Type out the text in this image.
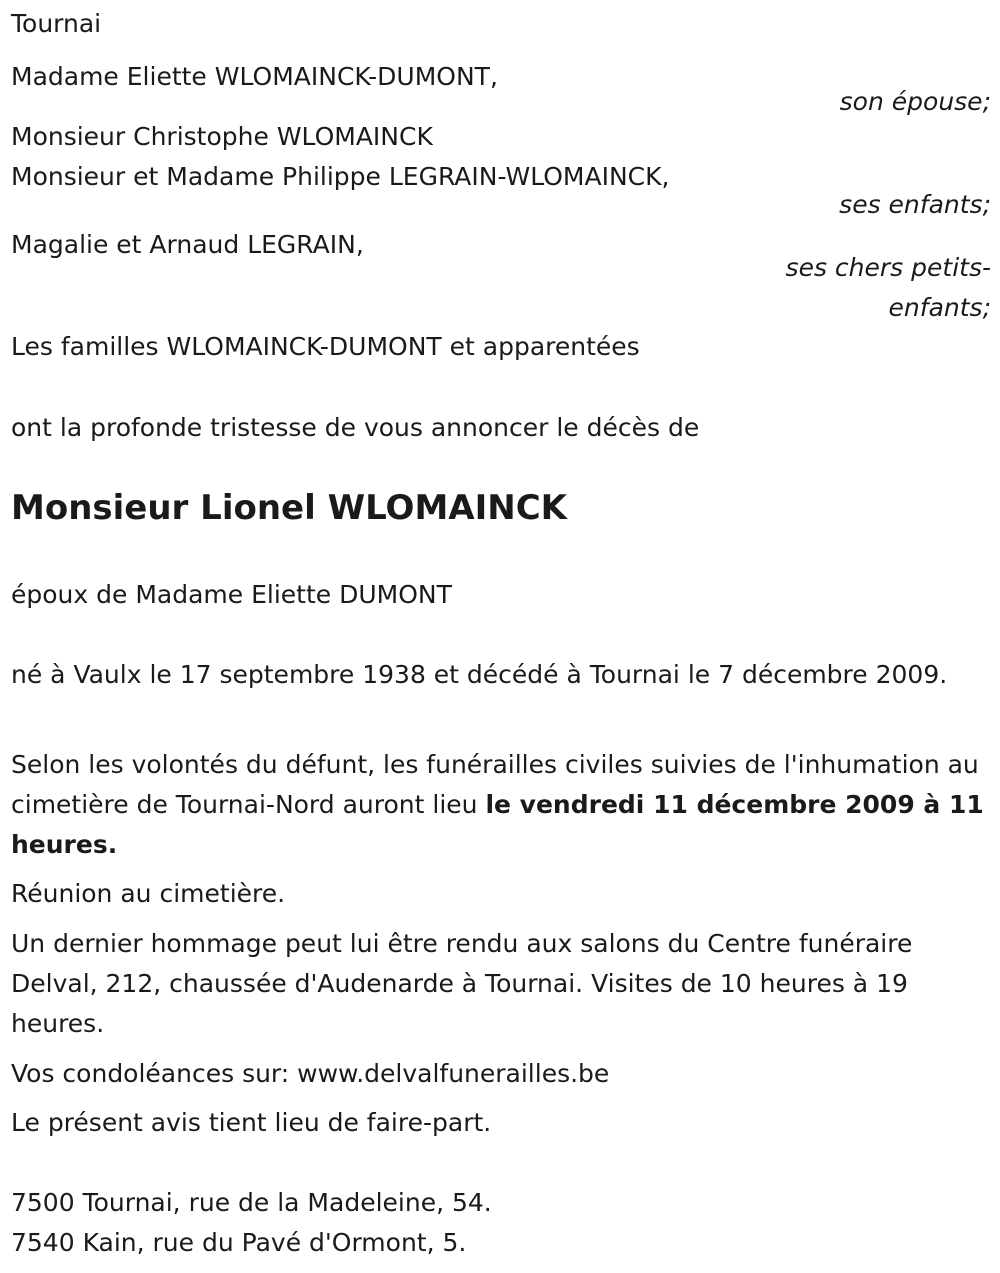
Tournai
Madame Eliette WLOMAINCK-DUMONT,
son épouse;
Monsieur Christophe WLOMAINCK
Monsieur et Madame Philippe LEGRAIN-WLOMAINCK,
ses enfants;
Magalie et Arnaud LEGRAIN,
ses chers petits-
enfants;
Les familles WLOMAINCK-DUMONT et apparentées
ont la profonde tristesse de vous annoncer le décès de
Monsieur Lionel WLOMAINCK
époux de Madame Eliette DUMONT
né à Vaulx le 17 septembre 1938 et décédé à Tournai le 7 décembre 2009.
Selon les volontés du défunt, les funérailles civiles suivies de l'inhumation au cimetière de Tournai-Nord auront lieu le vendredi 11 décembre 2009 à 11 heures.
Réunion au cimetière.
Un dernier hommage peut lui être rendu aux salons du Centre funéraire Delval, 212, chaussée d'Audenarde à Tournai. Visites de 10 heures à 19 heures.
Vos condoléances sur: www.delvalfunerailles.be
Le présent avis tient lieu de faire-part.
7500 Tournai, rue de la Madeleine, 54.
7540 Kain, rue du Pavé d'Ormont, 5.
